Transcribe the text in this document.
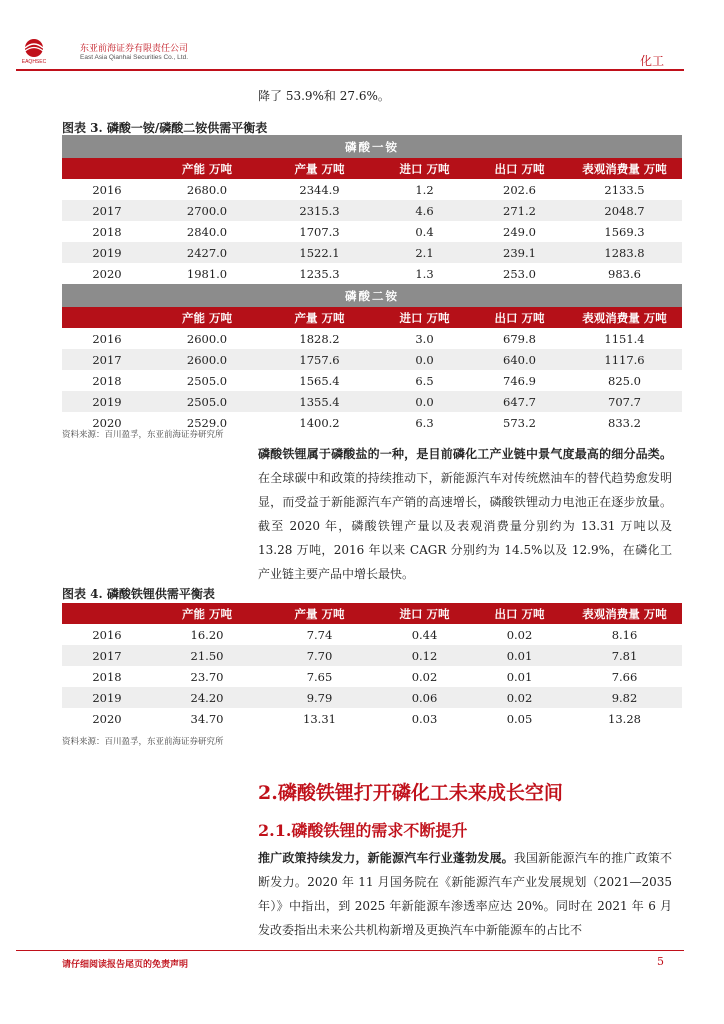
EAQHSEC
东亚前海证券有限责任公司
East Asia Qianhai Securities Co., Ltd.	化工
降了 53.9%和 27.6%。
图表 3. 磷酸一铵/磷酸二铵供需平衡表
磷酸一铵					
	产能 万吨	产量 万吨	进口 万吨	出口 万吨	表观消费量 万吨
2016	2680.0	2344.9	1.2	202.6	2133.5
2017	2700.0	2315.3	4.6	271.2	2048.7
2018	2840.0	1707.3	0.4	249.0	1569.3
2019	2427.0	1522.1	2.1	239.1	1283.8
2020	1981.0	1235.3	1.3	253.0	983.6
磷酸二铵					
	产能 万吨	产量 万吨	进口 万吨	出口 万吨	表观消费量 万吨
2016	2600.0	1828.2	3.0	679.8	1151.4
2017	2600.0	1757.6	0.0	640.0	1117.6
2018	2505.0	1565.4	6.5	746.9	825.0
2019	2505.0	1355.4	0.0	647.7	707.7
2020	2529.0	1400.2	6.3	573.2	833.2
资料来源：百川盈孚，东亚前海证券研究所
磷酸铁锂属于磷酸盐的一种，是目前磷化工产业链中景气度最高的细分品类。在全球碳中和政策的持续推动下，新能源汽车对传统燃油车的替代趋势愈发明显，而受益于新能源汽车产销的高速增长，磷酸铁锂动力电池正在逐步放量。截至 2020 年，磷酸铁锂产量以及表观消费量分别约为 13.31 万吨以及 13.28 万吨，2016 年以来 CAGR 分别约为 14.5%以及 12.9%，在磷化工产业链主要产品中增长最快。
图表 4. 磷酸铁锂供需平衡表
	产能 万吨	产量 万吨	进口 万吨	出口 万吨	表观消费量 万吨
2016	16.20	7.74	0.44	0.02	8.16
2017	21.50	7.70	0.12	0.01	7.81
2018	23.70	7.65	0.02	0.01	7.66
2019	24.20	9.79	0.06	0.02	9.82
2020	34.70	13.31	0.03	0.05	13.28
资料来源：百川盈孚，东亚前海证券研究所
2.磷酸铁锂打开磷化工未来成长空间
2.1.磷酸铁锂的需求不断提升
推广政策持续发力，新能源汽车行业蓬勃发展。我国新能源汽车的推广政策不断发力。2020 年 11 月国务院在《新能源汽车产业发展规划（2021—2035 年）》中指出，到 2025 年新能源车渗透率应达 20%。同时在 2021 年 6 月发改委指出未来公共机构新增及更换汽车中新能源车的占比不
请仔细阅读报告尾页的免责声明	5
